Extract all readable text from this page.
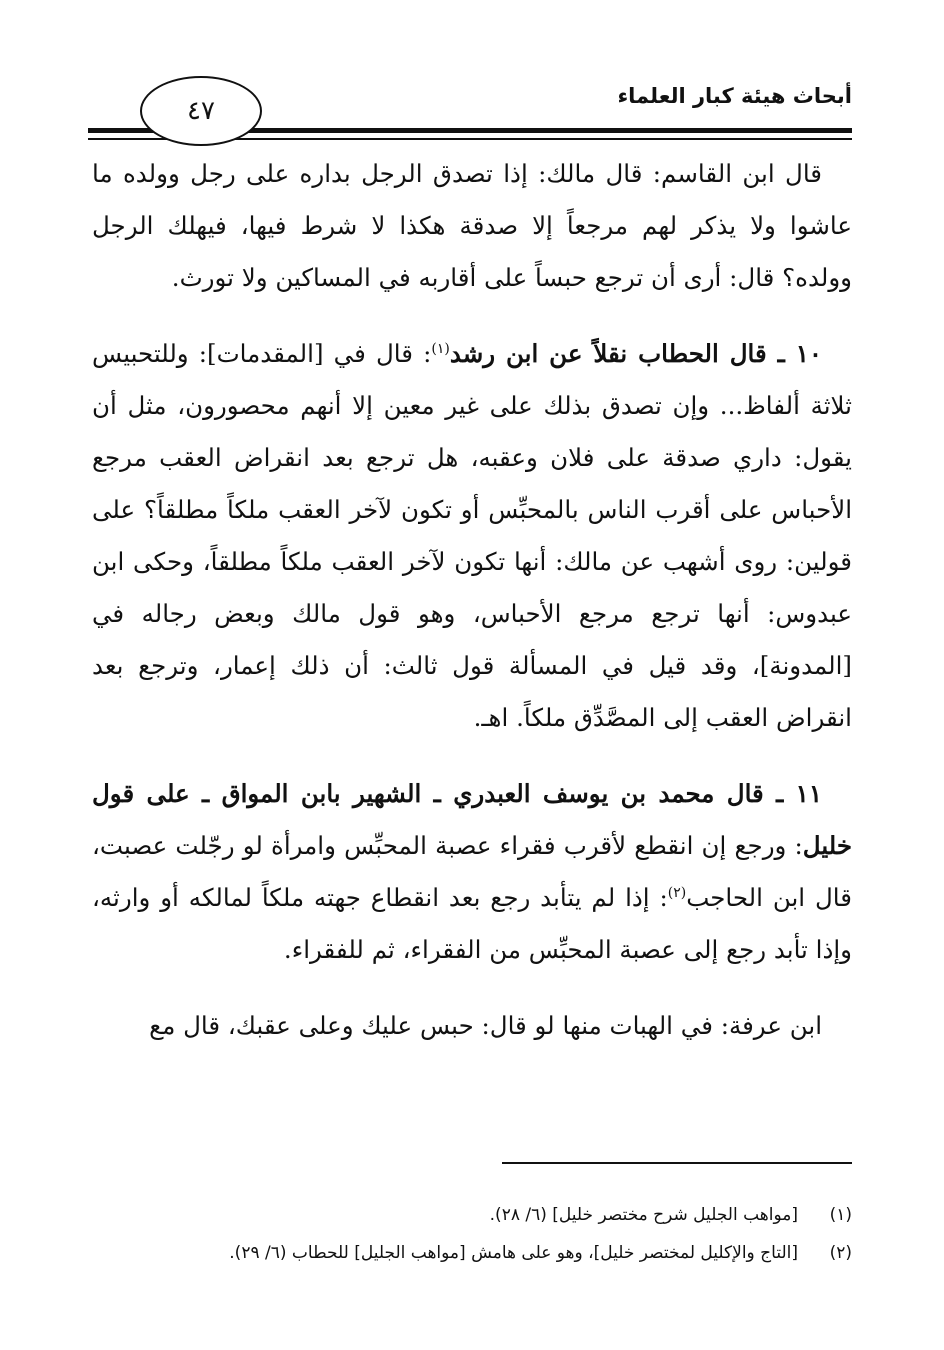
أبحاث هيئة كبار العلماء
٤٧

قال ابن القاسم: قال مالك: إذا تصدق الرجل بداره على رجل وولده ما عاشوا ولا يذكر لهم مرجعاً إلا صدقة هكذا لا شرط فيها، فيهلك الرجل وولده؟ قال: أرى أن ترجع حبساً على أقاربه في المساكين ولا تورث.

١٠ ـ قال الحطاب نقلاً عن ابن رشد$^{(١)}$: قال في [المقدمات]: وللتحبيس ثلاثة ألفاظ... وإن تصدق بذلك على غير معين إلا أنهم محصورون، مثل أن يقول: داري صدقة على فلان وعقبه، هل ترجع بعد انقراض العقب مرجع الأحباس على أقرب الناس بالمحبِّس أو تكون لآخر العقب ملكاً مطلقاً؟ على قولين: روى أشهب عن مالك: أنها تكون لآخر العقب ملكاً مطلقاً، وحكى ابن عبدوس: أنها ترجع مرجع الأحباس، وهو قول مالك وبعض رجاله في [المدونة]، وقد قيل في المسألة قول ثالث: أن ذلك إعمار، وترجع بعد انقراض العقب إلى المصَّدِّق ملكاً. اهـ.

١١ ـ قال محمد بن يوسف العبدري ـ الشهير بابن المواق ـ على قول خليل: ورجع إن انقطع لأقرب فقراء عصبة المحبِّس وامرأة لو رجّلت عصبت، قال ابن الحاجب$^{(٢)}$: إذا لم يتأبد رجع بعد انقطاع جهته ملكاً لمالكه أو وارثه، وإذا تأبد رجع إلى عصبة المحبِّس من الفقراء، ثم للفقراء.

ابن عرفة: في الهبات منها لو قال: حبس عليك وعلى عقبك، قال مع

(١)
[مواهب الجليل شرح مختصر خليل] (٦/ ٢٨).
(٢)
[التاج والإكليل لمختصر خليل]، وهو على هامش [مواهب الجليل] للحطاب (٦/ ٢٩).
